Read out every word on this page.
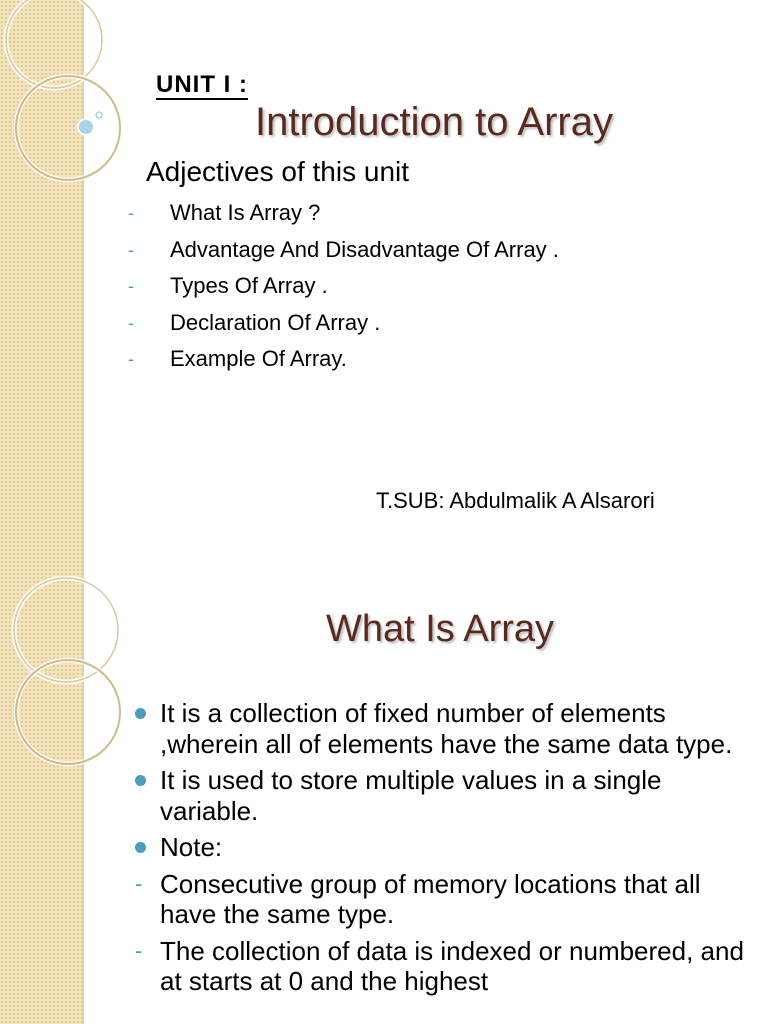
UNIT I :
Introduction to Array
Adjectives of this unit
- What Is Array ?
- Advantage And Disadvantage Of Array .
- Types Of Array .
- Declaration Of Array .
- Example Of Array.
T.SUB: Abdulmalik A Alsarori
What Is Array
It is a collection of fixed number of elements ,wherein all of elements have the same data type.
It is used to store multiple values in a single variable.
Note:
- Consecutive group of memory locations that all have the same type.
- The collection of data is indexed or numbered, and at starts at 0 and the highest
